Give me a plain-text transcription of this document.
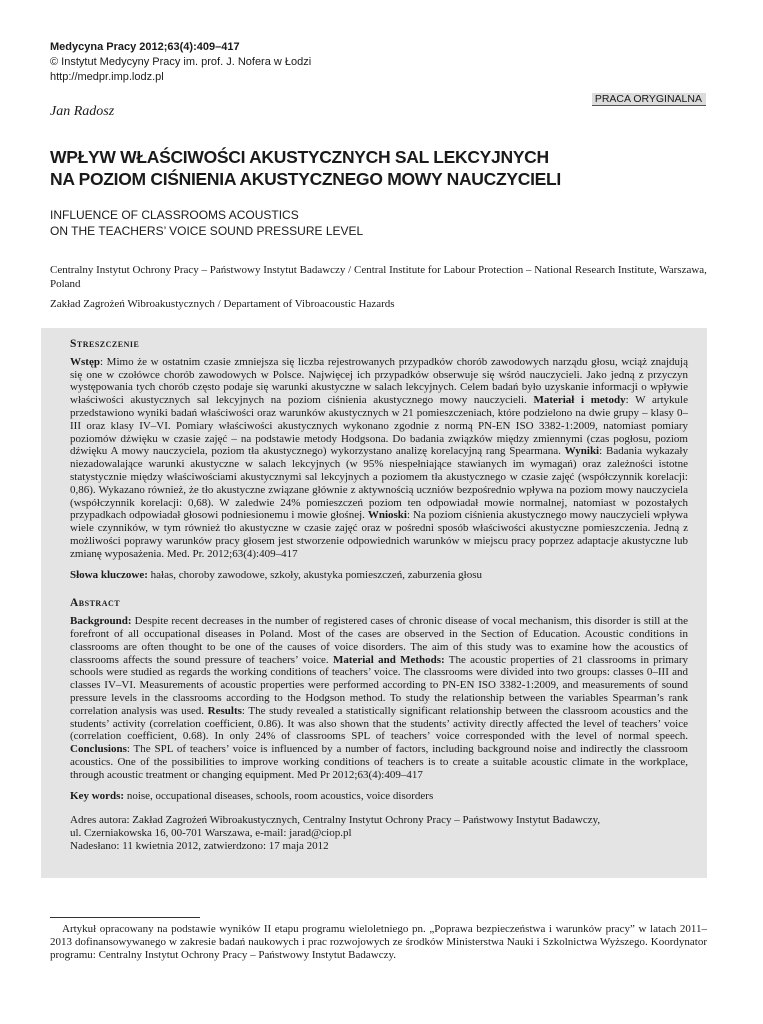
Medycyna Pracy 2012;63(4):409–417
© Instytut Medycyny Pracy im. prof. J. Nofera w Łodzi
http://medpr.imp.lodz.pl
PRACA ORYGINALNA
Jan Radosz
WPŁYW WŁAŚCIWOŚCI AKUSTYCZNYCH SAL LEKCYJNYCH
NA POZIOM CIŚNIENIA AKUSTYCZNEGO MOWY NAUCZYCIELI
INFLUENCE OF CLASSROOMS ACOUSTICS
ON THE TEACHERS’ VOICE SOUND PRESSURE LEVEL

Centralny Instytut Ochrony Pracy – Państwowy Instytut Badawczy / Central Institute for Labour Protection – National Research Institute, Warszawa, Poland

Zakład Zagrożeń Wibroakustycznych / Departament of Vibroacoustic Hazards

Streszczenie

Wstęp: Mimo że w ostatnim czasie zmniejsza się liczba rejestrowanych przypadków chorób zawodowych narządu głosu, wciąż znajdują się one w czołówce chorób zawodowych w Polsce. Najwięcej ich przypadków obserwuje się wśród nauczycieli. Jako jedną z przyczyn występowania tych chorób często podaje się warunki akustyczne w salach lekcyjnych. Celem badań było uzyskanie informacji o wpływie właściwości akustycznych sal lekcyjnych na poziom ciśnienia akustycznego mowy nauczycieli. Materiał i metody: W artykule przedstawiono wyniki badań właściwości oraz warunków akustycznych w 21 pomieszczeniach, które podzielono na dwie grupy – klasy 0–III oraz klasy IV–VI. Pomiary właściwości akustycznych wykonano zgodnie z normą PN-EN ISO 3382-1:2009, natomiast pomiary poziomów dźwięku w czasie zajęć – na podstawie metody Hodgsona. Do badania związków między zmiennymi (czas pogłosu, poziom dźwięku A mowy nauczyciela, poziom tła akustycznego) wykorzystano analizę korelacyjną rang Spearmana. Wyniki: Badania wykazały niezadowalające warunki akustyczne w salach lekcyjnych (w 95% niespełniające stawianych im wymagań) oraz zależności istotne statystycznie między właściwościami akustycznymi sal lekcyjnych a poziomem tła akustycznego w czasie zajęć (współczynnik korelacji: 0,86). Wykazano również, że tło akustyczne związane głównie z aktywnością uczniów bezpośrednio wpływa na poziom mowy nauczyciela (współczynnik korelacji: 0,68). W zaledwie 24% pomieszczeń poziom ten odpowiadał mowie normalnej, natomiast w pozostałych przypadkach odpowiadał głosowi podniesionemu i mowie głośnej. Wnioski: Na poziom ciśnienia akustycznego mowy nauczycieli wpływa wiele czynników, w tym również tło akustyczne w czasie zajęć oraz w pośredni sposób właściwości akustyczne pomieszczenia. Jedną z możliwości poprawy warunków pracy głosem jest stworzenie odpowiednich warunków w miejscu pracy poprzez adaptacje akustyczne lub zmianę wyposażenia. Med. Pr. 2012;63(4):409–417

Słowa kluczowe: hałas, choroby zawodowe, szkoły, akustyka pomieszczeń, zaburzenia głosu

Abstract

Background: Despite recent decreases in the number of registered cases of chronic disease of vocal mechanism, this disorder is still at the forefront of all occupational diseases in Poland. Most of the cases are observed in the Section of Education. Acoustic conditions in classrooms are often thought to be one of the causes of voice disorders. The aim of this study was to examine how the acoustics of classrooms affects the sound pressure of teachers’ voice. Material and Methods: The acoustic properties of 21 classrooms in primary schools were studied as regards the working conditions of teachers’ voice. The classrooms were divided into two groups: classes 0–III and classes IV–VI. Measurements of acoustic properties were performed according to PN-EN ISO 3382-1:2009, and measurements of sound pressure levels in the classrooms according to the Hodgson method. To study the relationship between the variables Spearman’s rank correlation analysis was used. Results: The study revealed a statistically significant relationship between the classroom acoustics and the students’ activity (correlation coefficient, 0.86). It was also shown that the students’ activity directly affected the level of teachers’ voice (correlation coefficient, 0.68). In only 24% of classrooms SPL of teachers’ voice corresponded with the level of normal speech. Conclusions: The SPL of teachers’ voice is influenced by a number of factors, including background noise and indirectly the classroom acoustics. One of the possibilities to improve working conditions of teachers is to create a suitable acoustic climate in the workplace, through acoustic treatment or changing equipment. Med Pr 2012;63(4):409–417

Key words: noise, occupational diseases, schools, room acoustics, voice disorders

Adres autora: Zakład Zagrożeń Wibroakustycznych, Centralny Instytut Ochrony Pracy – Państwowy Instytut Badawczy,

ul. Czerniakowska 16, 00-701 Warszawa, e-mail: jarad@ciop.pl

Nadesłano: 11 kwietnia 2012, zatwierdzono: 17 maja 2012

Artykuł opracowany na podstawie wyników II etapu programu wieloletniego pn. „Poprawa bezpieczeństwa i warunków pracy” w latach 2011–2013 dofinansowywanego w zakresie badań naukowych i prac rozwojowych ze środków Ministerstwa Nauki i Szkolnictwa Wyższego. Koordynator programu: Centralny Instytut Ochrony Pracy – Państwowy Instytut Badawczy.
